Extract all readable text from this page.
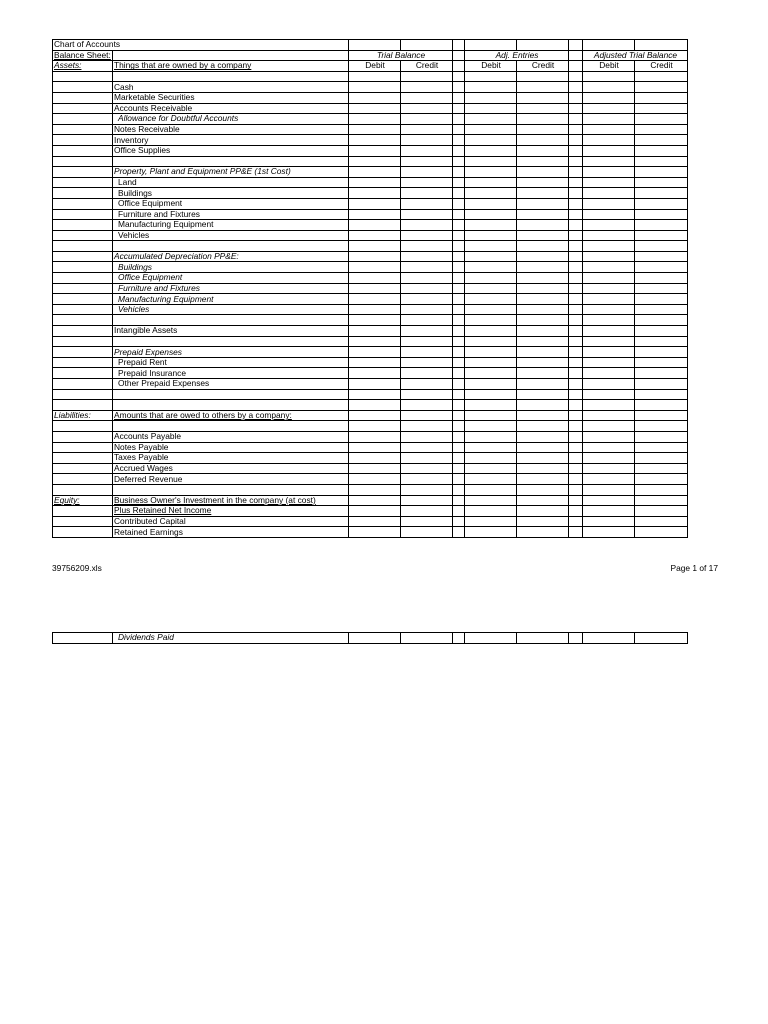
Chart of Accounts									
Balance Sheet:		Trial Balance			Adj. Entries			Adjusted Trial Balance	
Assets:	Things that are owned by a company	Debit	Credit		Debit	Credit		Debit	Credit

	Cash								
	Marketable Securities								
	Accounts Receivable								
	Allowance for Doubtful Accounts								
	Notes Receivable								
	Inventory								
	Office Supplies								

	Property, Plant and Equipment PP&E (1st Cost)								
	Land								
	Buildings								
	Office Equipment								
	Furniture and Fixtures								
	Manufacturing Equipment								
	Vehicles								

	Accumulated Depreciation PP&E:								
	Buildings								
	Office Equipment								
	Furniture and Fixtures								
	Manufacturing Equipment								
	Vehicles								

	Intangible Assets								

	Prepaid Expenses								
	Prepaid Rent								
	Prepaid Insurance								
	Other Prepaid Expenses								

Liabilities:	Amounts that are owed to others by a company:								

	Accounts Payable								
	Notes Payable								
	Taxes Payable								
	Accrued Wages								
	Deferred Revenue								

Equity:	Business Owner's Investment in the company (at cost)								
	Plus Retained Net Income								
	Contributed Capital								
	Retained Earnings								
39756209.xls	Page 1 of 17
	Dividends Paid								
